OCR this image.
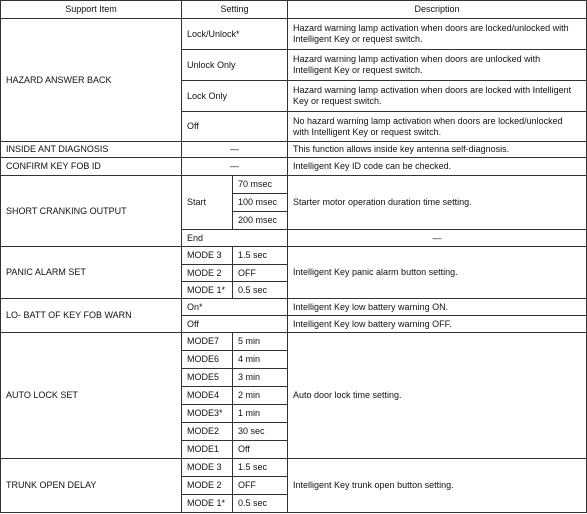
Support Item	Setting		Description
HAZARD ANSWER BACK	Lock/Unlock*		Hazard warning lamp activation when doors are locked/unlocked with Intelligent Key or request switch.
	Unlock Only		Hazard warning lamp activation when doors are unlocked with Intelligent Key or request switch.
	Lock Only		Hazard warning lamp activation when doors are locked with Intelligent Key or request switch.
	Off		No hazard warning lamp activation when doors are locked/unlocked with Intelligent Key or request switch.
INSIDE ANT DIAGNOSIS	—		This function allows inside key antenna self-diagnosis.
CONFIRM KEY FOB ID	—		Intelligent Key ID code can be checked.
SHORT CRANKING OUTPUT	Start	70 msec	Starter motor operation duration time setting.
		100 msec	
		200 msec	
	End		—
PANIC ALARM SET	MODE 3	1.5 sec	Intelligent Key panic alarm button setting.
	MODE 2	OFF	
	MODE 1*	0.5 sec	
LO- BATT OF KEY FOB WARN	On*		Intelligent Key low battery warning ON.
	Off		Intelligent Key low battery warning OFF.
AUTO LOCK SET	MODE7	5 min	Auto door lock time setting.
	MODE6	4 min	
	MODE5	3 min	
	MODE4	2 min	
	MODE3*	1 min	
	MODE2	30 sec	
	MODE1	Off	
TRUNK OPEN DELAY	MODE 3	1.5 sec	Intelligent Key trunk open button setting.
	MODE 2	OFF	
	MODE 1*	0.5 sec	
